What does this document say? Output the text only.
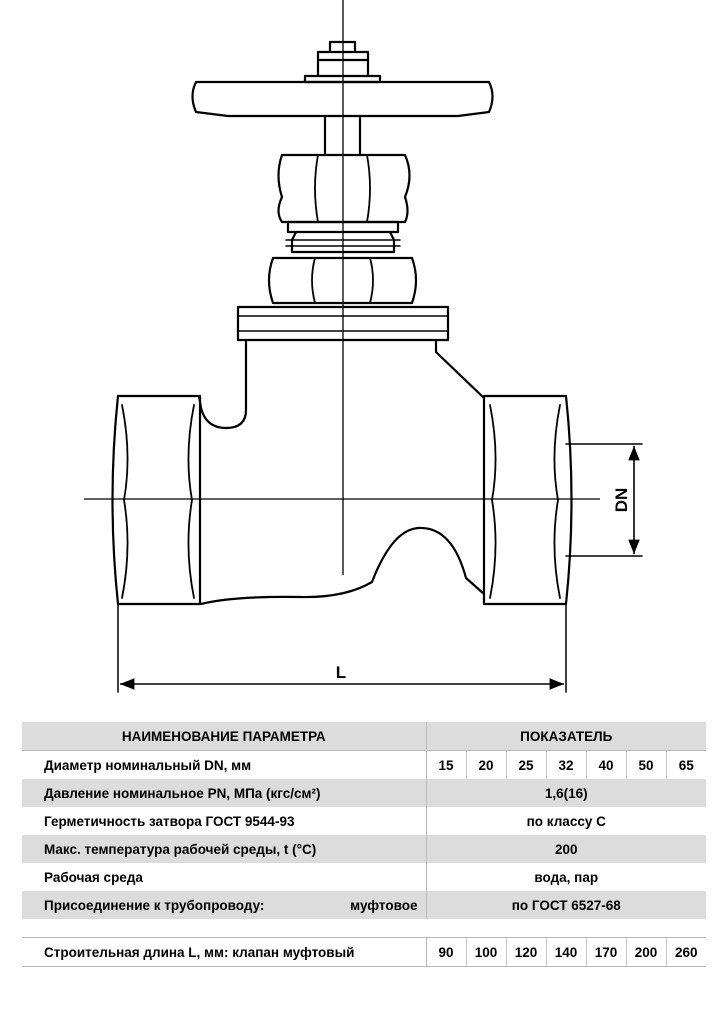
DN
L
НАИМЕНОВАНИЕ ПАРАМЕТРА	ПОКАЗАТЕЛЬ						
Диаметр номинальный DN, мм	15	20	25	32	40	50	65
Давление номинальное PN, МПа (кгс/см²)	1,6(16)						
Герметичность затвора ГОСТ 9544-93	по классу С						
Макс. температура рабочей среды, t (°C)	200						
Рабочая среда	вода, пар						
Присоединение к трубопроводу: муфтовое	по ГОСТ 6527-68						

Строительная длина L, мм: клапан муфтовый	90	100	120	140	170	200	260
